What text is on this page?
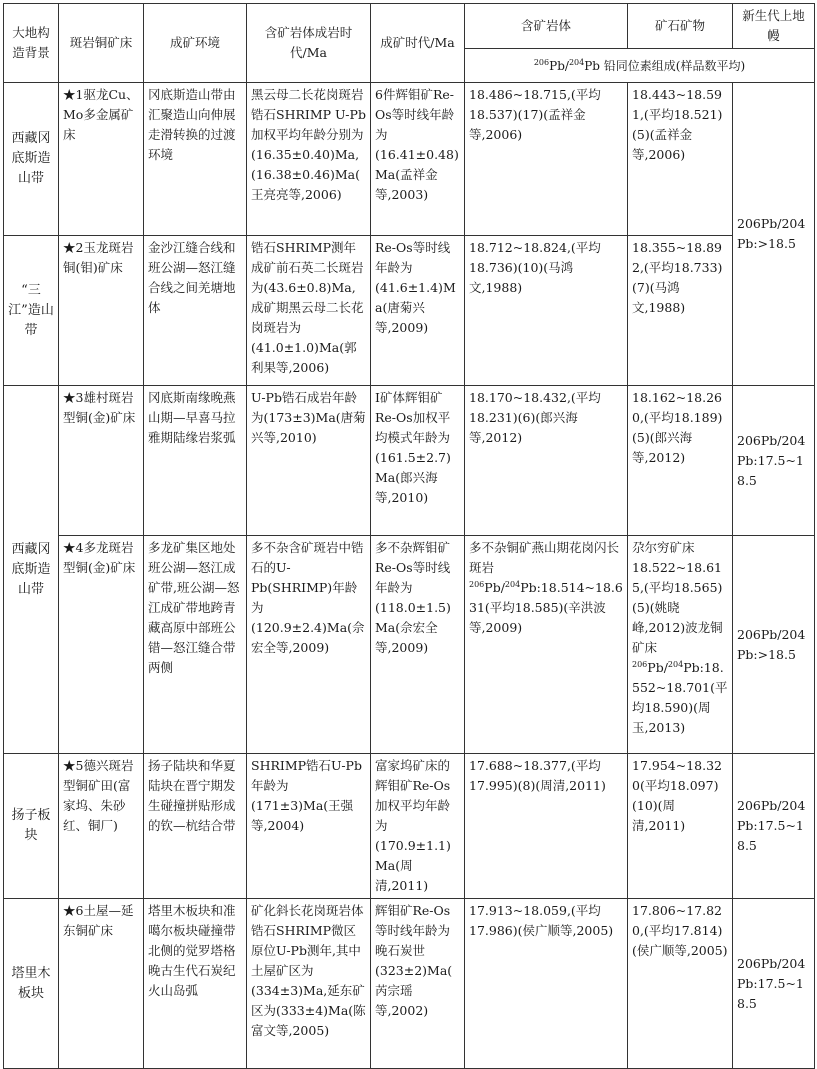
大地构造背景	斑岩铜矿床	成矿环境	含矿岩体成岩时代/Ma	成矿时代/Ma	含矿岩体	矿石矿物	新生代上地幔
					$^{206}$Pb/$^{204}$Pb 铅同位素组成(样品数平均)		
西藏冈底斯造山带	★1驱龙Cu、Mo多金属矿床	冈底斯造山带由汇聚造山向伸展走滑转换的过渡环境	黑云母二长花岗斑岩锆石SHRIMP U-Pb加权平均年龄分别为(16.35±0.40)Ma,(16.38±0.46)Ma(王亮亮等,2006)	6件辉钼矿Re-Os等时线年龄为(16.41±0.48)Ma(孟祥金等,2003)	18.486~18.715,(平均18.537)(17)(孟祥金等,2006)	18.443~18.591,(平均18.521)(5)(孟祥金等,2006)	206Pb/204Pb:>18.5
“三江”造山带	★2玉龙斑岩铜(钼)矿床	金沙江缝合线和班公湖—怒江缝合线之间羌塘地体	锆石SHRIMP测年成矿前石英二长斑岩为(43.6±0.8)Ma,成矿期黑云母二长花岗斑岩为(41.0±1.0)Ma(郭利果等,2006)	Re-Os等时线年龄为(41.6±1.4)Ma(唐菊兴等,2009)	18.712~18.824,(平均18.736)(10)(马鸿文,1988)	18.355~18.892,(平均18.733)(7)(马鸿文,1988)	
西藏冈底斯造山带	★3雄村斑岩型铜(金)矿床	冈底斯南缘晚燕山期—早喜马拉雅期陆缘岩浆弧	U-Pb锆石成岩年龄为(173±3)Ma(唐菊兴等,2010)	I矿体辉钼矿Re-Os加权平均模式年龄为(161.5±2.7)Ma(郎兴海等,2010)	18.170~18.432,(平均18.231)(6)(郎兴海等,2012)	18.162~18.260,(平均18.189)(5)(郎兴海等,2012)	206Pb/204Pb:17.5~18.5
	★4多龙斑岩型铜(金)矿床	多龙矿集区地处班公湖—怒江成矿带,班公湖—怒江成矿带地跨青藏高原中部班公错—怒江缝合带两侧	多不杂含矿斑岩中锆石的U-Pb(SHRIMP)年龄为(120.9±2.4)Ma(佘宏全等,2009)	多不杂辉钼矿Re-Os等时线年龄为(118.0±1.5)Ma(佘宏全等,2009)	多不杂铜矿燕山期花岗闪长斑岩$^{206}$Pb/$^{204}$Pb:18.514~18.631(平均18.585)(辛洪波等,2009)	尕尔穷矿床18.522~18.615,(平均18.565)(5)(姚晓峰,2012)波龙铜矿床$^{206}$Pb/$^{204}$Pb:18.552~18.701(平均18.590)(周玉,2013)	206Pb/204Pb:>18.5
扬子板块	★5德兴斑岩型铜矿田(富家坞、朱砂红、铜厂)	扬子陆块和华夏陆块在晋宁期发生碰撞拼贴形成的钦—杭结合带	SHRIMP锆石U-Pb年龄为(171±3)Ma(王强等,2004)	富家坞矿床的辉钼矿Re-Os加权平均年龄为(170.9±1.1)Ma(周清,2011)	17.688~18.377,(平均17.995)(8)(周清,2011)	17.954~18.320(平均18.097)(10)(周清,2011)	206Pb/204Pb:17.5~18.5
塔里木板块	★6土屋—延东铜矿床	塔里木板块和准噶尔板块碰撞带北侧的觉罗塔格晚古生代石炭纪火山岛弧	矿化斜长花岗斑岩体锆石SHRIMP微区原位U-Pb测年,其中土屋矿区为(334±3)Ma,延东矿区为(333±4)Ma(陈富文等,2005)	辉钼矿Re-Os等时线年龄为晚石炭世(323±2)Ma(芮宗瑶等,2002)	17.913~18.059,(平均17.986)(侯广顺等,2005)	17.806~17.820,(平均17.814)(侯广顺等,2005)	206Pb/204Pb:17.5~18.5
